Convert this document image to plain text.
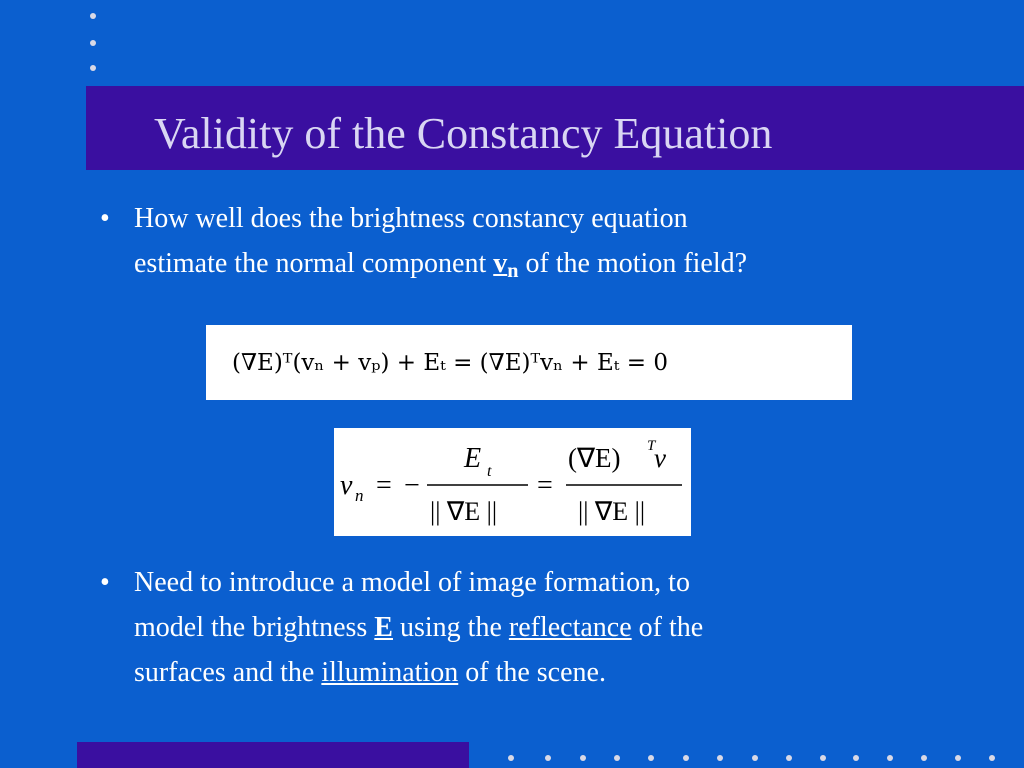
Validity of the Constancy Equation
• How well does the brightness constancy equation
estimate the normal component $v_n$ of the motion field?
(∇E)ᵀ(vₙ + vₚ) + Eₜ = (∇E)ᵀvₙ + Eₜ = 0
v n = −
E t
|| ∇E ||
=
(∇E) T
v
|| ∇E ||
• Need to introduce a model of image formation, to
model the brightness E using the reflectance of the
surfaces and the illumination of the scene.
